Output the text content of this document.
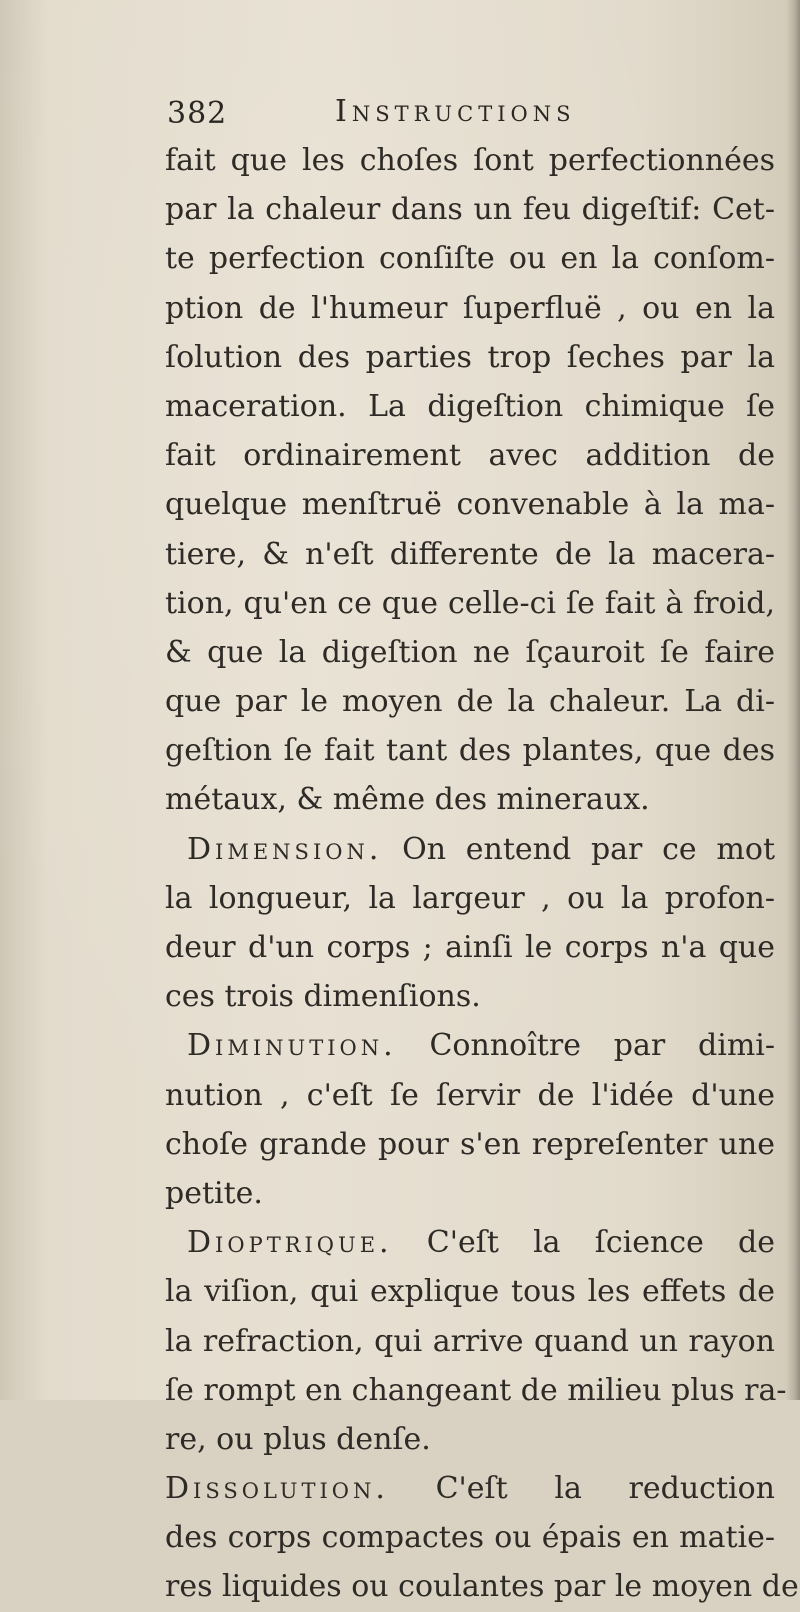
382	Instructions
fait que les choſes ſont perfectionnées
par la chaleur dans un feu digeſtif: Cet-
te perfection conſiſte ou en la conſom-
ption de l'humeur ſuperfluë , ou en la
ſolution des parties trop ſeches par la
maceration. La digeſtion chimique ſe
fait ordinairement avec addition de
quelque menſtruë convenable à la ma-
tiere, & n'eſt differente de la macera-
tion, qu'en ce que celle-ci ſe fait à froid,
& que la digeſtion ne ſçauroit ſe faire
que par le moyen de la chaleur. La di-
geſtion ſe fait tant des plantes, que des
métaux, & même des mineraux.
Dimension. On entend par ce mot
la longueur, la largeur , ou la profon-
deur d'un corps ; ainſi le corps n'a que
ces trois dimenſions.
Diminution. Connoître par dimi-
nution , c'eſt ſe ſervir de l'idée d'une
choſe grande pour s'en repreſenter une
petite.
Dioptrique. C'eſt la ſcience de
la viſion, qui explique tous les effets de
la refraction, qui arrive quand un rayon
ſe rompt en changeant de milieu plus ra-
re, ou plus denſe.
Dissolution. C'eſt la reduction
des corps compactes ou épais en matie-
res liquides ou coulantes par le moyen de
